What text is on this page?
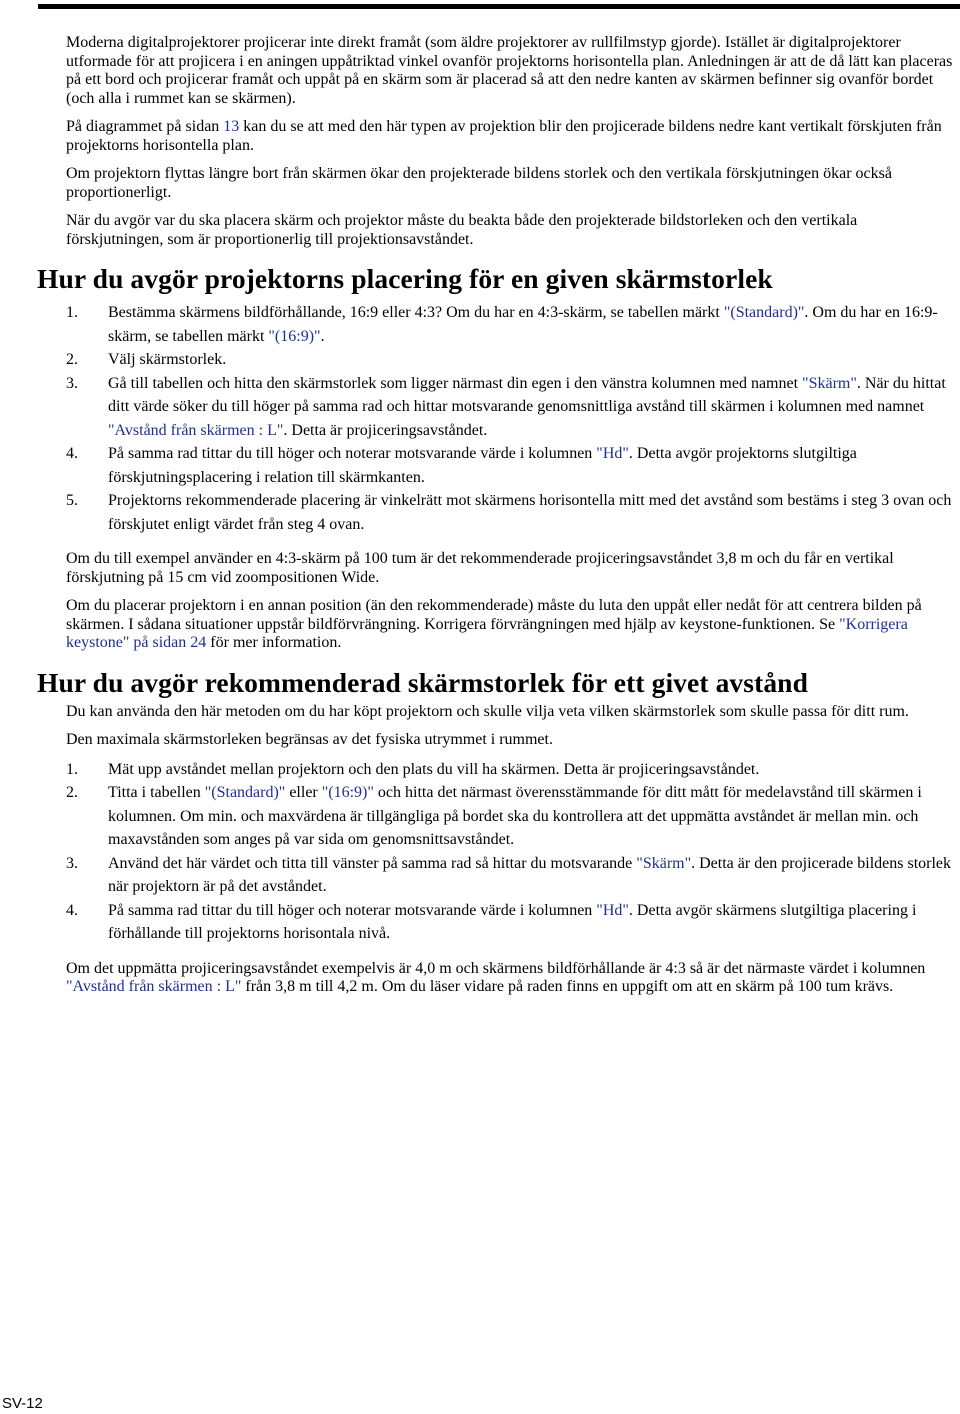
Moderna digitalprojektorer projicerar inte direkt framåt (som äldre projektorer av rullfilmstyp gjorde). Istället är digitalprojektorer utformade för att projicera i en aningen uppåtriktad vinkel ovanför projektorns horisontella plan. Anledningen är att de då lätt kan placeras på ett bord och projicerar framåt och uppåt på en skärm som är placerad så att den nedre kanten av skärmen befinner sig ovanför bordet (och alla i rummet kan se skärmen).

På diagrammet på sidan 13 kan du se att med den här typen av projektion blir den projicerade bildens nedre kant vertikalt förskjuten från projektorns horisontella plan.

Om projektorn flyttas längre bort från skärmen ökar den projekterade bildens storlek och den vertikala förskjutningen ökar också proportionerligt.

När du avgör var du ska placera skärm och projektor måste du beakta både den projekterade bildstorleken och den vertikala förskjutningen, som är proportionerlig till projektionsavståndet.

Hur du avgör projektorns placering för en given skärmstorlek
1. Bestämma skärmens bildförhållande, 16:9 eller 4:3? Om du har en 4:3-skärm, se tabellen märkt "(Standard)". Om du har en 16:9-skärm, se tabellen märkt "(16:9)".
2. Välj skärmstorlek.
3. Gå till tabellen och hitta den skärmstorlek som ligger närmast din egen i den vänstra kolumnen med namnet "Skärm". När du hittat ditt värde söker du till höger på samma rad och hittar motsvarande genomsnittliga avstånd till skärmen i kolumnen med namnet "Avstånd från skärmen : L". Detta är projiceringsavståndet.
4. På samma rad tittar du till höger och noterar motsvarande värde i kolumnen "Hd". Detta avgör projektorns slutgiltiga förskjutningsplacering i relation till skärmkanten.
5. Projektorns rekommenderade placering är vinkelrätt mot skärmens horisontella mitt med det avstånd som bestäms i steg 3 ovan och förskjutet enligt värdet från steg 4 ovan.

Om du till exempel använder en 4:3-skärm på 100 tum är det rekommenderade projiceringsavståndet 3,8 m och du får en vertikal förskjutning på 15 cm vid zoompositionen Wide.

Om du placerar projektorn i en annan position (än den rekommenderade) måste du luta den uppåt eller nedåt för att centrera bilden på skärmen. I sådana situationer uppstår bildförvrängning. Korrigera förvrängningen med hjälp av keystone-funktionen. Se "Korrigera keystone" på sidan 24 för mer information.

Hur du avgör rekommenderad skärmstorlek för ett givet avstånd

Du kan använda den här metoden om du har köpt projektorn och skulle vilja veta vilken skärmstorlek som skulle passa för ditt rum.

Den maximala skärmstorleken begränsas av det fysiska utrymmet i rummet.

1. Mät upp avståndet mellan projektorn och den plats du vill ha skärmen. Detta är projiceringsavståndet.
2. Titta i tabellen "(Standard)" eller "(16:9)" och hitta det närmast överensstämmande för ditt mått för medelavstånd till skärmen i kolumnen. Om min. och maxvärdena är tillgängliga på bordet ska du kontrollera att det uppmätta avståndet är mellan min. och maxavstånden som anges på var sida om genomsnittsavståndet.
3. Använd det här värdet och titta till vänster på samma rad så hittar du motsvarande "Skärm". Detta är den projicerade bildens storlek när projektorn är på det avståndet.
4. På samma rad tittar du till höger och noterar motsvarande värde i kolumnen "Hd". Detta avgör skärmens slutgiltiga placering i förhållande till projektorns horisontala nivå.

Om det uppmätta projiceringsavståndet exempelvis är 4,0 m och skärmens bildförhållande är 4:3 så är det närmaste värdet i kolumnen "Avstånd från skärmen : L" från 3,8 m till 4,2 m. Om du läser vidare på raden finns en uppgift om att en skärm på 100 tum krävs.

SV-12
